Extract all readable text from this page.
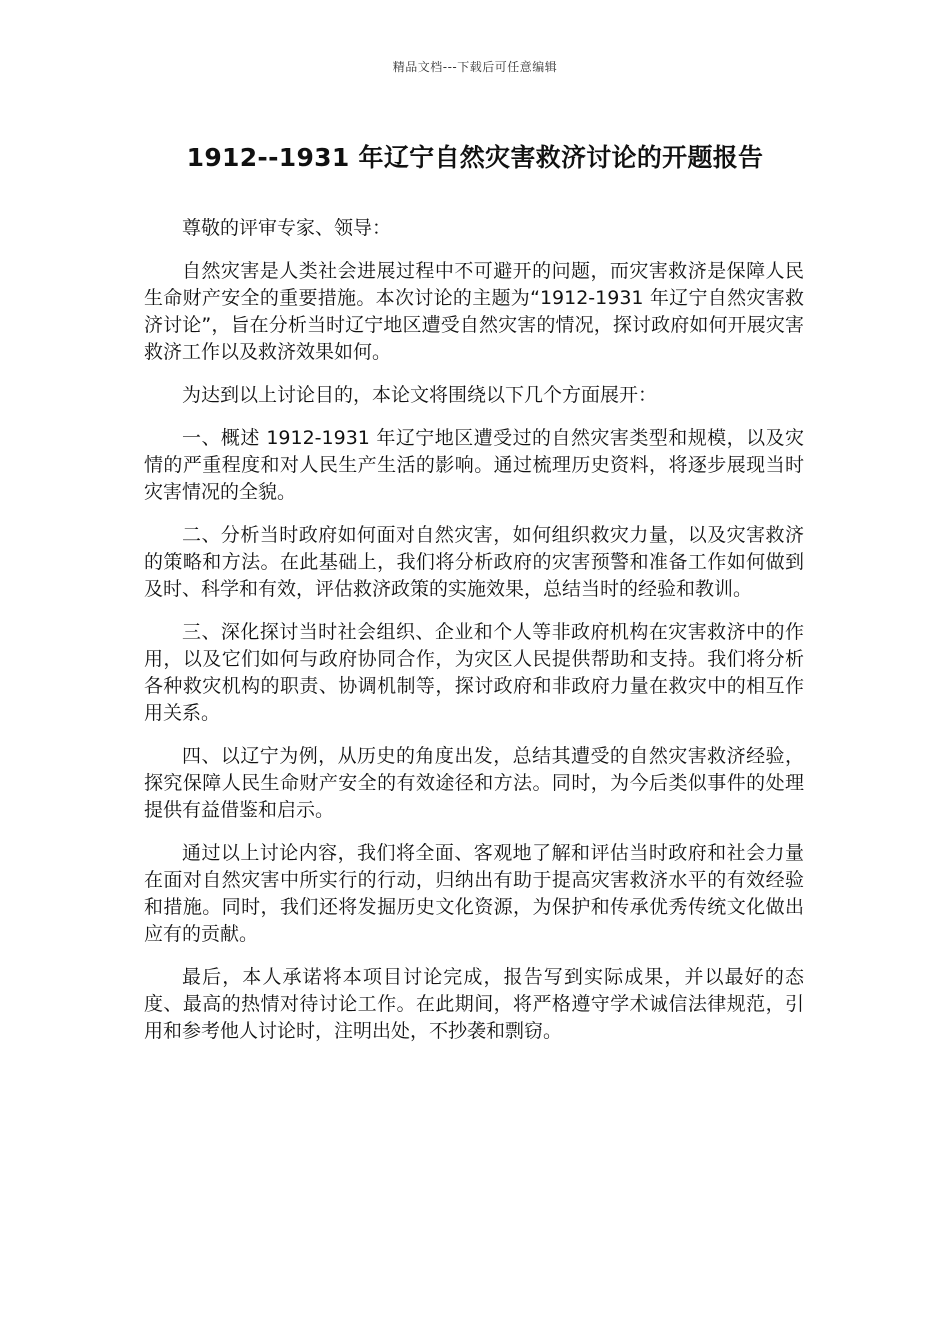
精品文档---下载后可任意编辑
1912--1931 年辽宁自然灾害救济讨论的开题报告

尊敬的评审专家、领导：

自然灾害是人类社会进展过程中不可避开的问题，而灾害救济是保障人民生命财产安全的重要措施。本次讨论的主题为“1912-1931 年辽宁自然灾害救济讨论”，旨在分析当时辽宁地区遭受自然灾害的情况，探讨政府如何开展灾害救济工作以及救济效果如何。

为达到以上讨论目的，本论文将围绕以下几个方面展开：

一、概述 1912-1931 年辽宁地区遭受过的自然灾害类型和规模，以及灾情的严重程度和对人民生产生活的影响。通过梳理历史资料，将逐步展现当时灾害情况的全貌。

二、分析当时政府如何面对自然灾害，如何组织救灾力量，以及灾害救济的策略和方法。在此基础上，我们将分析政府的灾害预警和准备工作如何做到及时、科学和有效，评估救济政策的实施效果，总结当时的经验和教训。

三、深化探讨当时社会组织、企业和个人等非政府机构在灾害救济中的作用，以及它们如何与政府协同合作，为灾区人民提供帮助和支持。我们将分析各种救灾机构的职责、协调机制等，探讨政府和非政府力量在救灾中的相互作用关系。

四、以辽宁为例，从历史的角度出发，总结其遭受的自然灾害救济经验，探究保障人民生命财产安全的有效途径和方法。同时，为今后类似事件的处理提供有益借鉴和启示。

通过以上讨论内容，我们将全面、客观地了解和评估当时政府和社会力量在面对自然灾害中所实行的行动，归纳出有助于提高灾害救济水平的有效经验和措施。同时，我们还将发掘历史文化资源，为保护和传承优秀传统文化做出应有的贡献。

最后，本人承诺将本项目讨论完成，报告写到实际成果，并以最好的态度、最高的热情对待讨论工作。在此期间，将严格遵守学术诚信法律规范，引用和参考他人讨论时，注明出处，不抄袭和剽窃。
